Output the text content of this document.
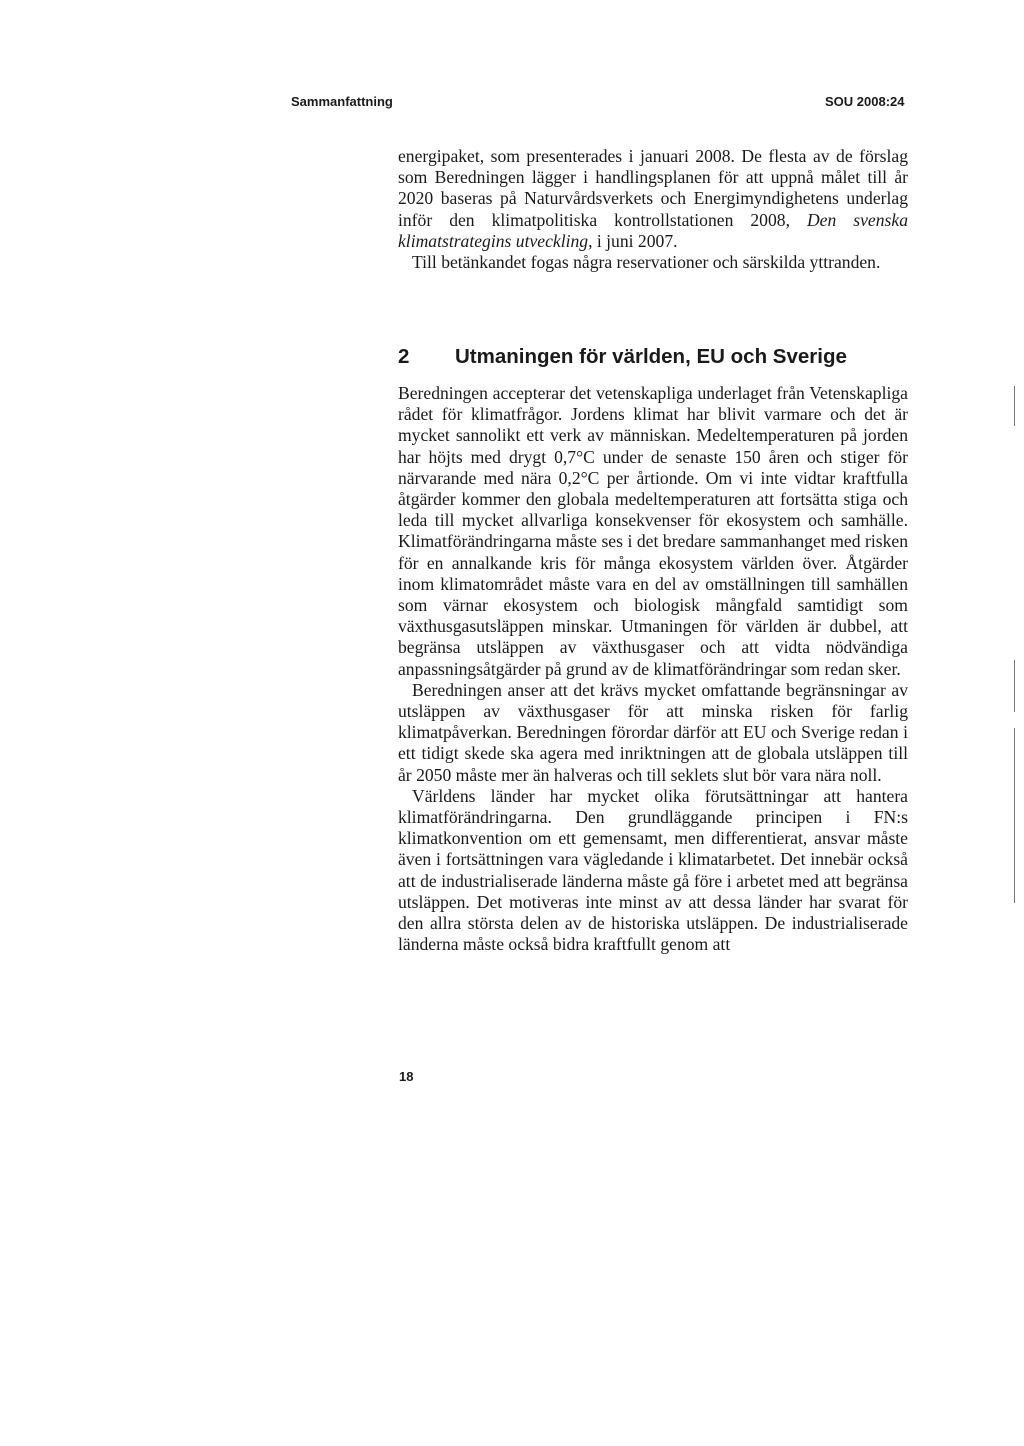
Sammanfattning	SOU 2008:24

energipaket, som presenterades i januari 2008. De flesta av de förslag som Beredningen lägger i handlingsplanen för att uppnå målet till år 2020 baseras på Naturvårdsverkets och Energimyndighetens underlag inför den klimatpolitiska kontrollstationen 2008, Den svenska klimatstrategins utveckling, i juni 2007.

Till betänkandet fogas några reservationer och särskilda yttranden.

2 Utmaningen för världen, EU och Sverige

Beredningen accepterar det vetenskapliga underlaget från Vetenskapliga rådet för klimatfrågor. Jordens klimat har blivit varmare och det är mycket sannolikt ett verk av människan. Medeltemperaturen på jorden har höjts med drygt 0,7°C under de senaste 150 åren och stiger för närvarande med nära 0,2°C per årtionde. Om vi inte vidtar kraftfulla åtgärder kommer den globala medeltemperaturen att fortsätta stiga och leda till mycket allvarliga konsekvenser för ekosystem och samhälle. Klimatförändringarna måste ses i det bredare sammanhanget med risken för en annalkande kris för många ekosystem världen över. Åtgärder inom klimatområdet måste vara en del av omställningen till samhällen som värnar ekosystem och biologisk mångfald samtidigt som växthusgasutsläppen minskar. Utmaningen för världen är dubbel, att begränsa utsläppen av växthusgaser och att vidta nödvändiga anpassningsåtgärder på grund av de klimatförändringar som redan sker.

Beredningen anser att det krävs mycket omfattande begränsningar av utsläppen av växthusgaser för att minska risken för farlig klimatpåverkan. Beredningen förordar därför att EU och Sverige redan i ett tidigt skede ska agera med inriktningen att de globala utsläppen till år 2050 måste mer än halveras och till seklets slut bör vara nära noll.

Världens länder har mycket olika förutsättningar att hantera klimatförändringarna. Den grundläggande principen i FN:s klimatkonvention om ett gemensamt, men differentierat, ansvar måste även i fortsättningen vara vägledande i klimatarbetet. Det innebär också att de industrialiserade länderna måste gå före i arbetet med att begränsa utsläppen. Det motiveras inte minst av att dessa länder har svarat för den allra största delen av de historiska utsläppen. De industrialiserade länderna måste också bidra kraftfullt genom att

18
